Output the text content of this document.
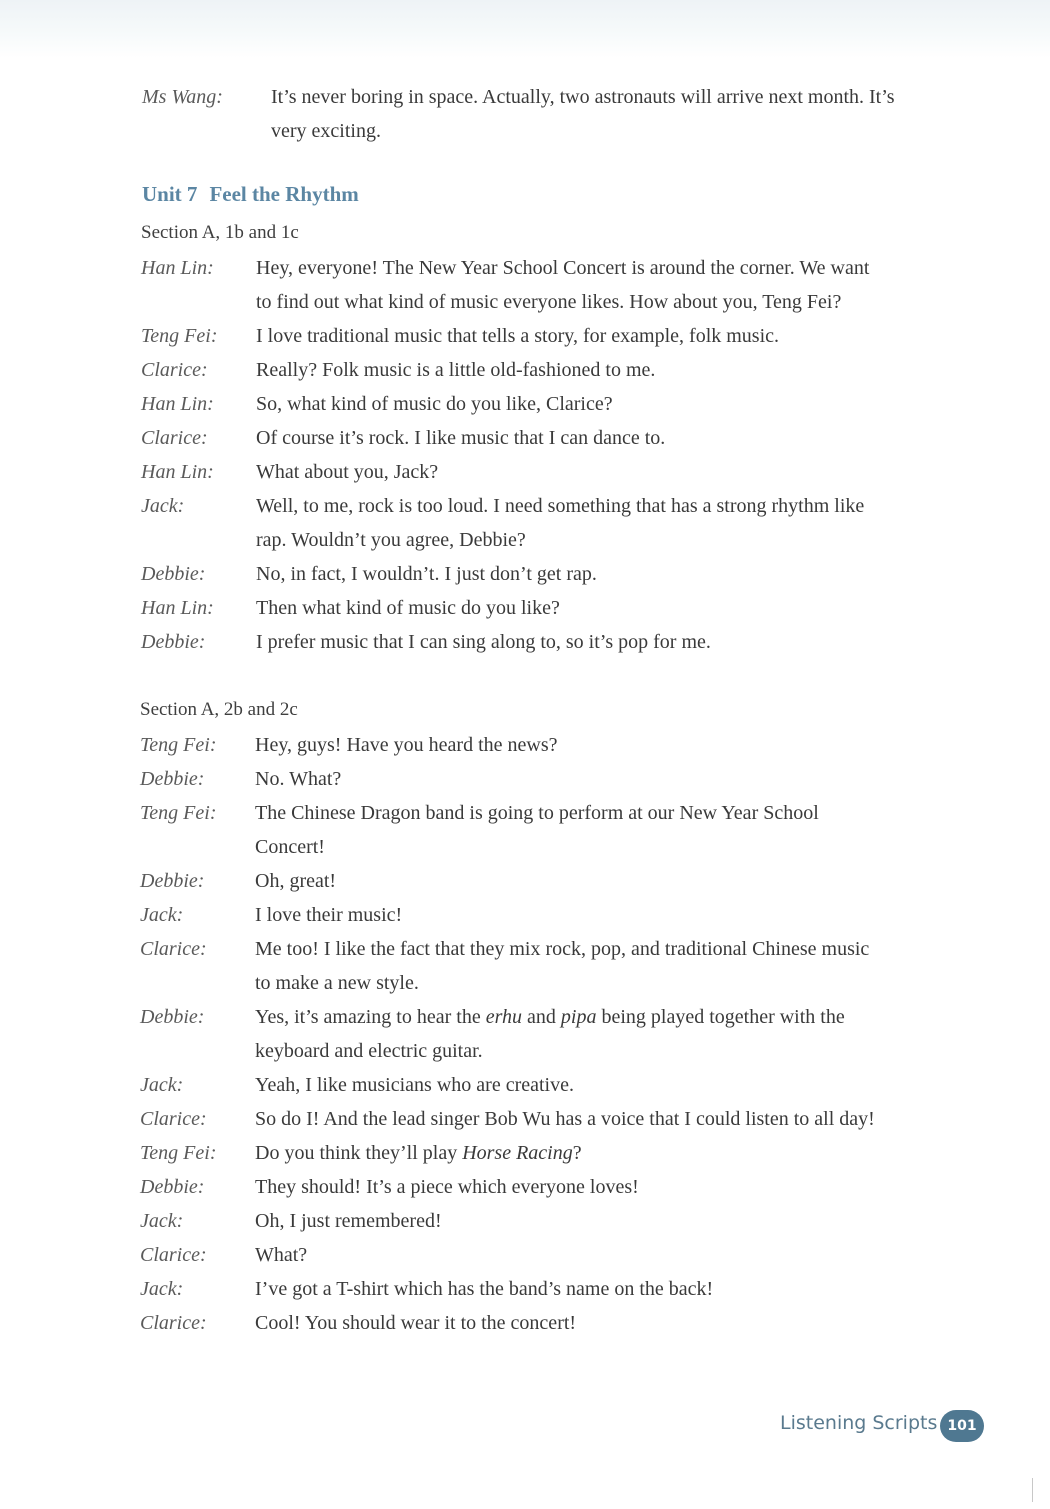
Ms Wang: It’s never boring in space. Actually, two astronauts will arrive next month. It’s
very exciting.
Unit 7 Feel the Rhythm
Section A, 1b and 1c
Han Lin: Hey, everyone! The New Year School Concert is around the corner. We want
to find out what kind of music everyone likes. How about you, Teng Fei?
Teng Fei: I love traditional music that tells a story, for example, folk music.
Clarice: Really? Folk music is a little old-fashioned to me.
Han Lin: So, what kind of music do you like, Clarice?
Clarice: Of course it’s rock. I like music that I can dance to.
Han Lin: What about you, Jack?
Jack:	Well, to me, rock is too loud. I need something that has a strong rhythm like
rap. Wouldn’t you agree, Debbie?
Debbie:	No, in fact, I wouldn’t. I just don’t get rap.
Han Lin: Then what kind of music do you like?
Debbie:	I prefer music that I can sing along to, so it’s pop for me.
Section A, 2b and 2c
Teng Fei: Hey, guys! Have you heard the news?
Debbie:	No. What?
Teng Fei: The Chinese Dragon band is going to perform at our New Year School
Concert!
Debbie:	Oh, great!
Jack:	I love their music!
Clarice: Me too! I like the fact that they mix rock, pop, and traditional Chinese music
to make a new style.
Debbie:	Yes, it’s amazing to hear the erhu and pipa being played together with the
keyboard and electric guitar.
Jack:	Yeah, I like musicians who are creative.
Clarice: So do I! And the lead singer Bob Wu has a voice that I could listen to all day!
Teng Fei: Do you think they’ll play Horse Racing?
Debbie:	They should! It’s a piece which everyone loves!
Jack:	Oh, I just remembered!
Clarice: What?
Jack:	I’ve got a T-shirt which has the band’s name on the back!
Clarice: Cool! You should wear it to the concert!
Listening Scripts 101
